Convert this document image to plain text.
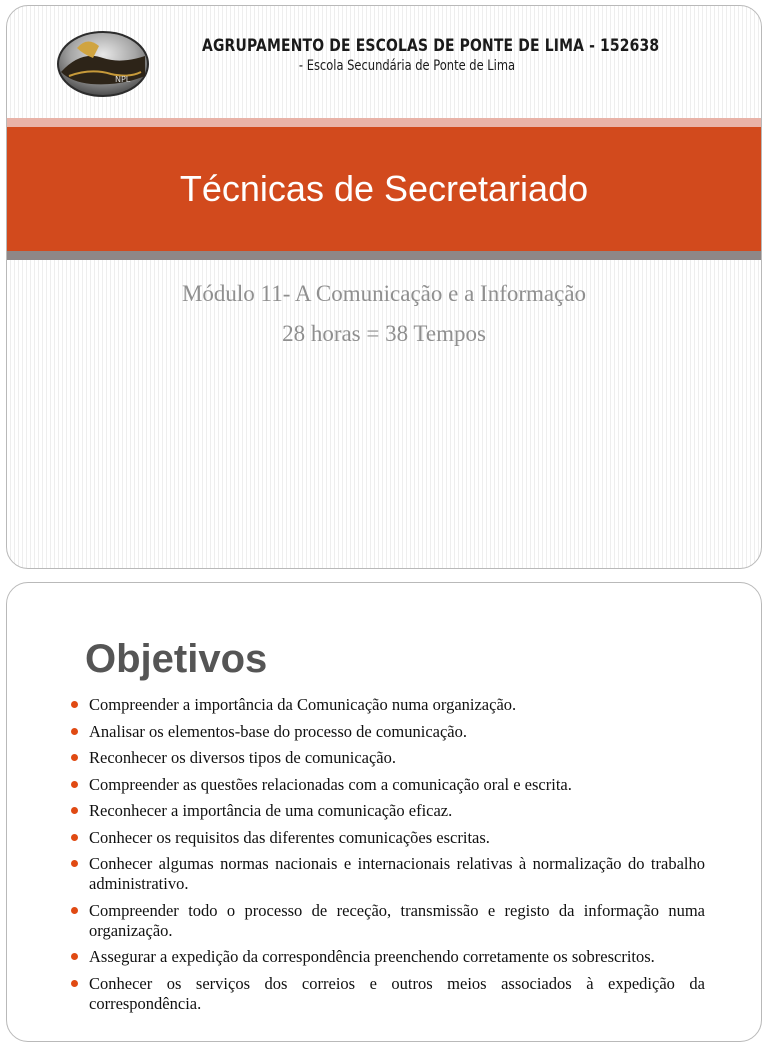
NPL
AGRUPAMENTO DE ESCOLAS DE PONTE DE LIMA - 152638
- Escola Secundária de Ponte de Lima
Técnicas de Secretariado
Módulo 11- A Comunicação e a Informação
28 horas = 38 Tempos
Objetivos
Compreender a importância da Comunicação numa organização.
Analisar os elementos-base do processo de comunicação.
Reconhecer os diversos tipos de comunicação.
Compreender as questões relacionadas com a comunicação oral e escrita.
Reconhecer a importância de uma comunicação eficaz.
Conhecer os requisitos das diferentes comunicações escritas.
Conhecer algumas normas nacionais e internacionais relativas à normalização do trabalho administrativo.
Compreender todo o processo de receção, transmissão e registo da informação numa organização.
Assegurar a expedição da correspondência preenchendo corretamente os sobrescritos.
Conhecer os serviços dos correios e outros meios associados à expedição da correspondência.
